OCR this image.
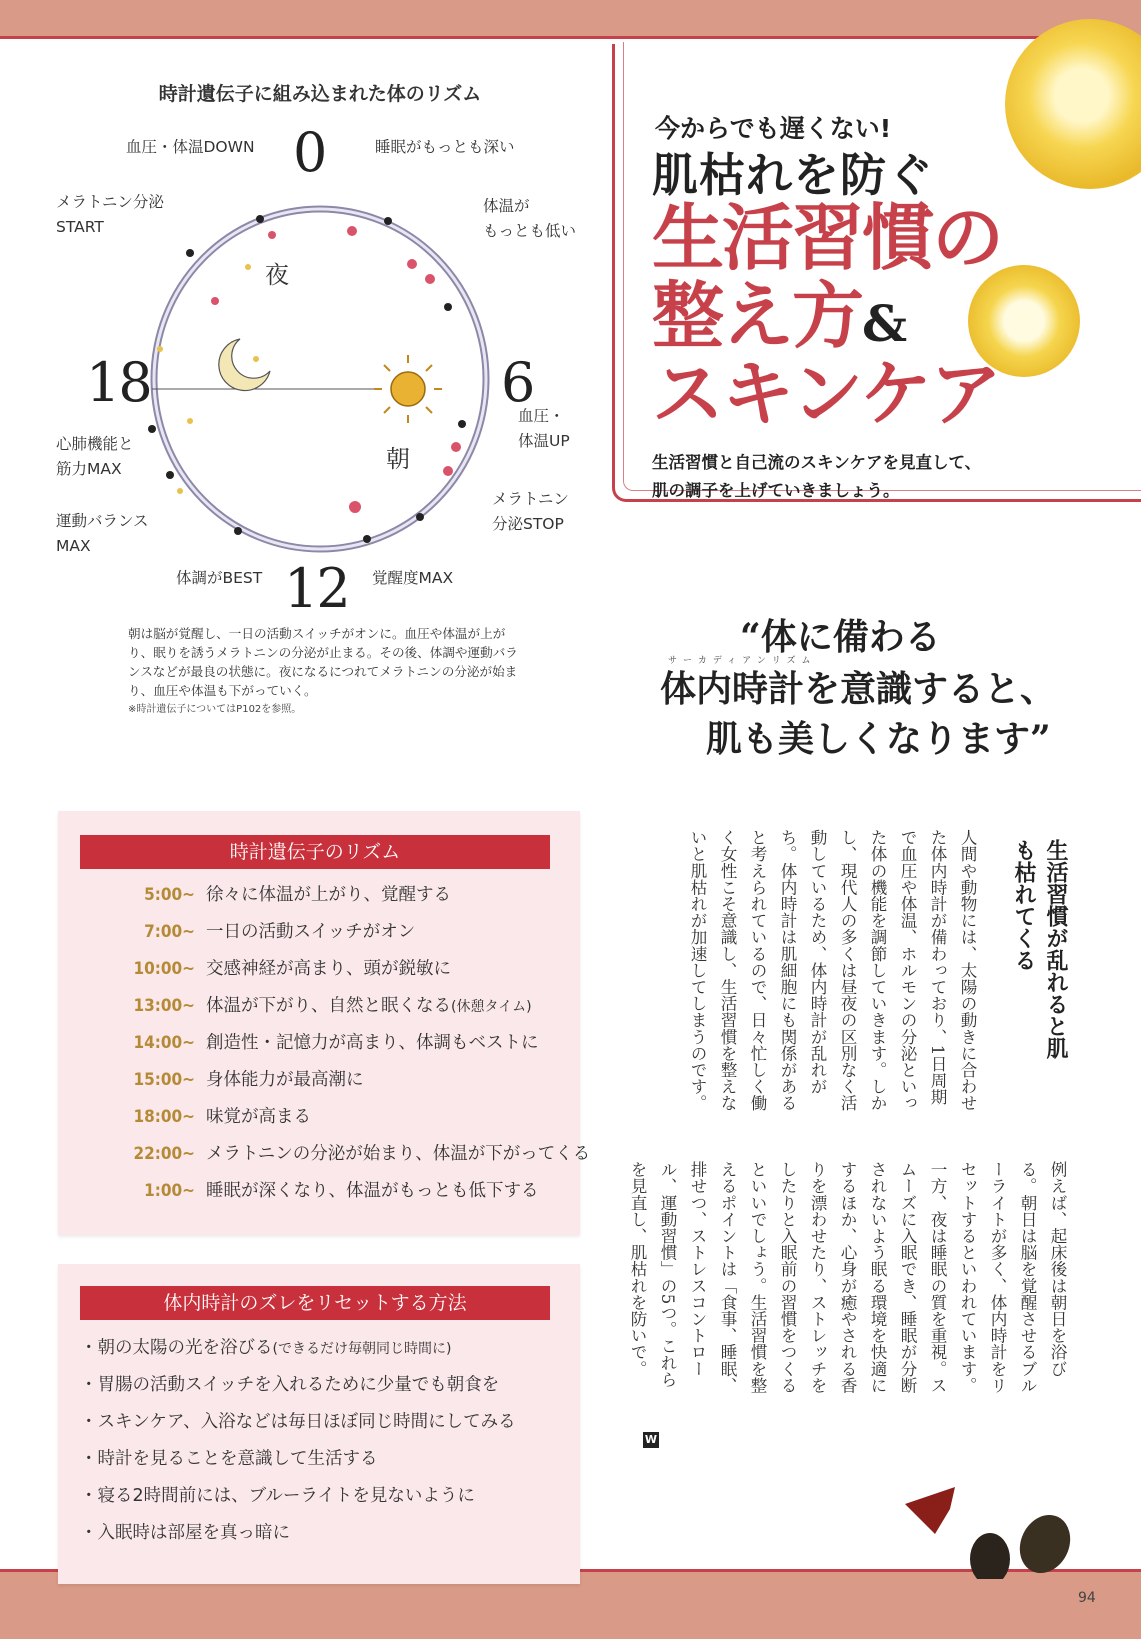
時計遺伝子に組み込まれた体のリズム
0
6
12
18
夜
朝
血圧・体温DOWN	睡眠がもっとも深い
メラトニン分泌
START
体温が
もっとも低い
血圧・
体温UP
メラトニン
分泌STOP
心肺機能と
筋力MAX
運動バランス
MAX
体調がBEST	覚醒度MAX
朝は脳が覚醒し、一日の活動スイッチがオンに。血圧や体温が上がり、眠りを誘うメラトニンの分泌が止まる。その後、体調や運動バランスなどが最良の状態に。夜になるにつれてメラトニンの分泌が始まり、血圧や体温も下がっていく。
※時計遺伝子についてはP102を参照。
今からでも遅くない!
肌枯れを防ぐ
生活習慣の
整え方&
スキンケア
生活習慣と自己流のスキンケアを見直して、
肌の調子を上げていきましょう。
“体に備わる
サーカディアンリズム
体内時計を意識すると、
肌も美しくなります”
時計遺伝子のリズム
5:00~ 徐々に体温が上がり、覚醒する
7:00~ 一日の活動スイッチがオン
10:00~ 交感神経が高まり、頭が鋭敏に
13:00~ 体温が下がり、自然と眠くなる(休憩タイム)
14:00~ 創造性・記憶力が高まり、体調もベストに
15:00~ 身体能力が最高潮に
18:00~ 味覚が高まる
22:00~ メラトニンの分泌が始まり、体温が下がってくる
1:00~ 睡眠が深くなり、体温がもっとも低下する
体内時計のズレをリセットする方法
・朝の太陽の光を浴びる(できるだけ毎朝同じ時間に)
・胃腸の活動スイッチを入れるために少量でも朝食を
・スキンケア、入浴などは毎日ほぼ同じ時間にしてみる
・時計を見ることを意識して生活する
・寝る2時間前には、ブルーライトを見ないように
・入眠時は部屋を真っ暗に
生活習慣が乱れると肌も枯れてくる
人間や動物には、太陽の動きに合わせた体内時計が備わっており、1日周期で血圧や体温、ホルモンの分泌といった体の機能を調節していきます。しかし、現代人の多くは昼夜の区別なく活動しているため、体内時計が乱れがち。体内時計は肌細胞にも関係があると考えられているので、日々忙しく働く女性こそ意識し、生活習慣を整えないと肌枯れが加速してしまうのです。
例えば、起床後は朝日を浴びる。朝日は脳を覚醒させるブルーライトが多く、体内時計をリセットするといわれています。一方、夜は睡眠の質を重視。スムーズに入眠でき、睡眠が分断されないよう眠る環境を快適にするほか、心身が癒やされる香りを漂わせたり、ストレッチをしたりと入眠前の習慣をつくるといいでしょう。生活習慣を整えるポイントは「食事、睡眠、排せつ、ストレスコントロール、運動習慣」の5つ。これらを見直し、肌枯れを防いで。
W
94
